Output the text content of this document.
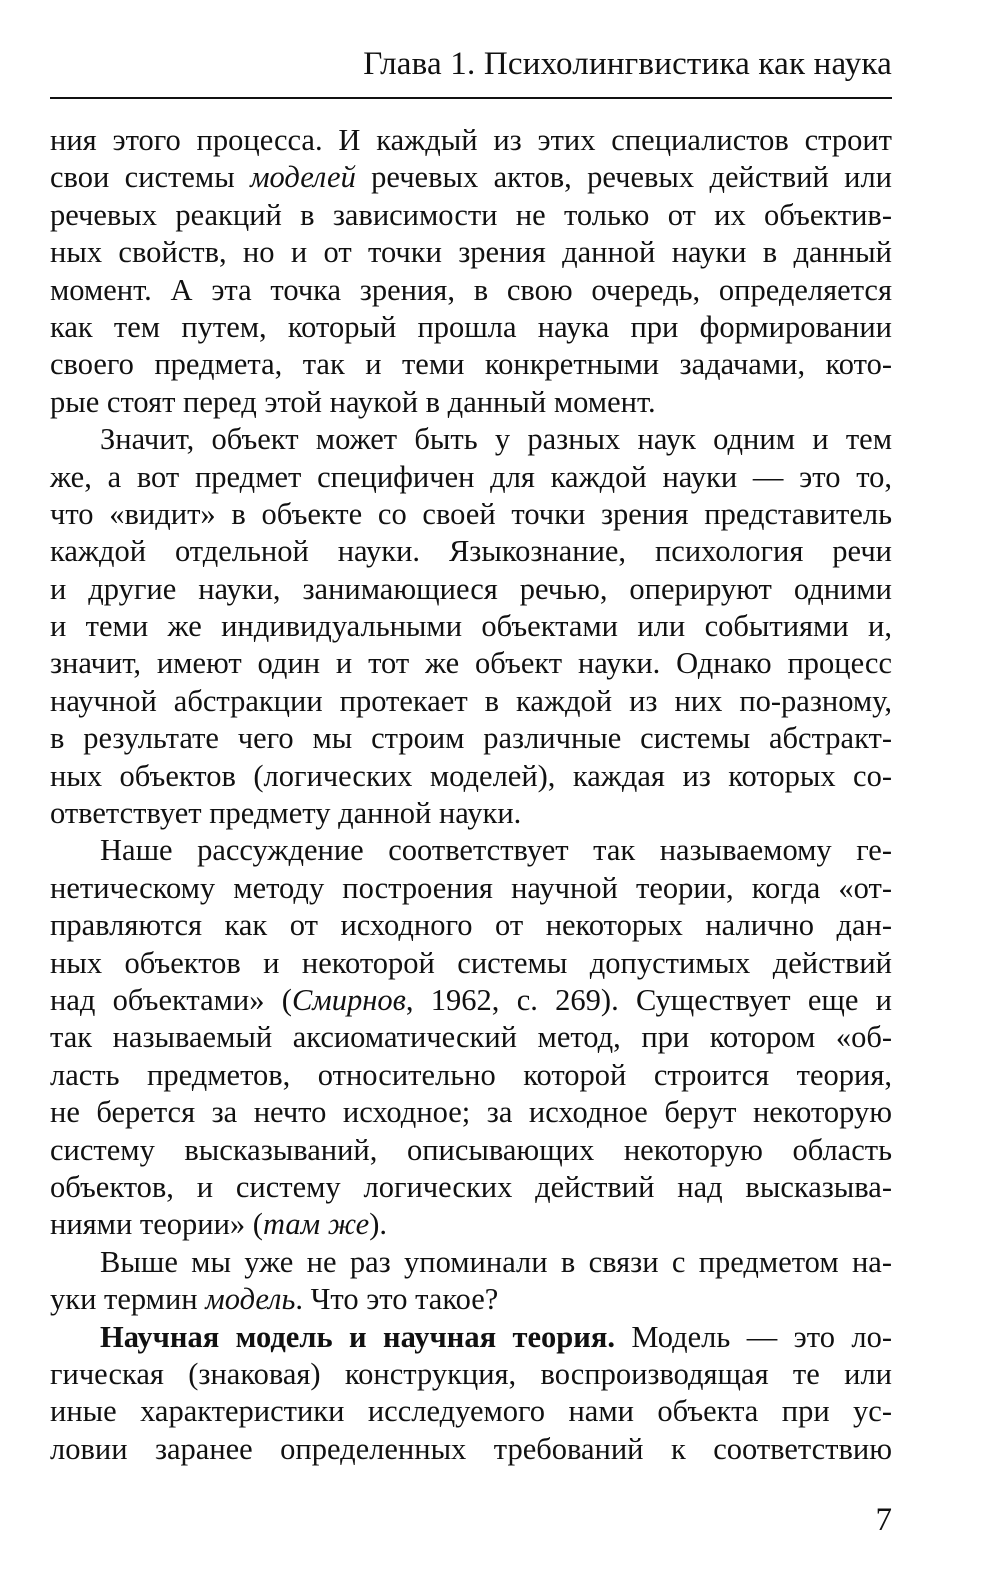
Глава 1. Психолингвистика как наука
ния этого процесса. И каждый из этих специалистов строит
свои системы моделей речевых актов, речевых действий или
речевых реакций в зависимости не только от их объектив-
ных свойств, но и от точки зрения данной науки в данный
момент. А эта точка зрения, в свою очередь, определяется
как тем путем, который прошла наука при формировании
своего предмета, так и теми конкретными задачами, кото-
рые стоят перед этой наукой в данный момент.
Значит, объект может быть у разных наук одним и тем
же, а вот предмет специфичен для каждой науки — это то,
что «видит» в объекте со своей точки зрения представитель
каждой отдельной науки. Языкознание, психология речи
и другие науки, занимающиеся речью, оперируют одними
и теми же индивидуальными объектами или событиями и,
значит, имеют один и тот же объект науки. Однако процесс
научной абстракции протекает в каждой из них по-разному,
в результате чего мы строим различные системы абстракт-
ных объектов (логических моделей), каждая из которых со-
ответствует предмету данной науки.
Наше рассуждение соответствует так называемому ге-
нетическому методу построения научной теории, когда «от-
правляются как от исходного от некоторых налично дан-
ных объектов и некоторой системы допустимых действий
над объектами» (Смирнов, 1962, с. 269). Существует еще и
так называемый аксиоматический метод, при котором «об-
ласть предметов, относительно которой строится теория,
не берется за нечто исходное; за исходное берут некоторую
систему высказываний, описывающих некоторую область
объектов, и систему логических действий над высказыва-
ниями теории» (там же).
Выше мы уже не раз упоминали в связи с предметом на-
уки термин модель. Что это такое?
Научная модель и научная теория. Модель — это ло-
гическая (знаковая) конструкция, воспроизводящая те или
иные характеристики исследуемого нами объекта при ус-
ловии заранее определенных требований к соответствию
7
